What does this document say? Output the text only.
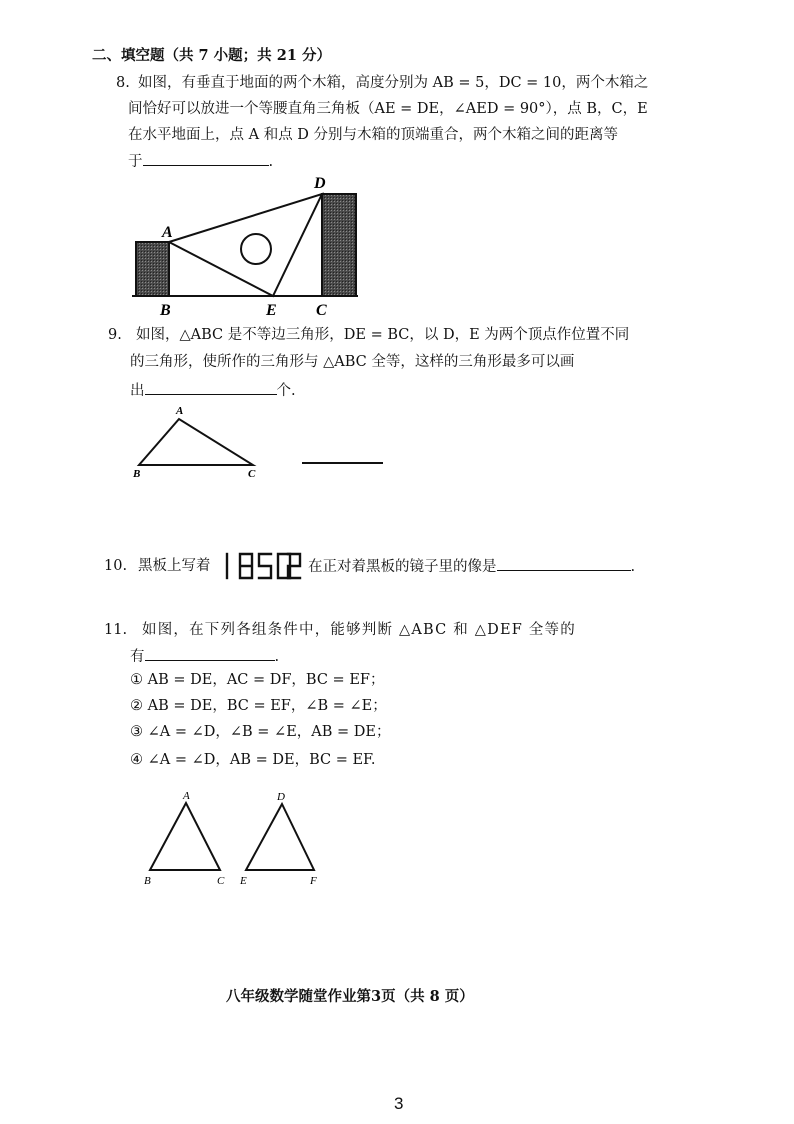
二、填空题（共 7 小题；共 21 分）
8. 如图，有垂直于地面的两个木箱，高度分别为 AB = 5，DC = 10，两个木箱之
间恰好可以放进一个等腰直角三角板（AE = DE，∠AED = 90°），点 B，C，E
在水平地面上，点 A 和点 D 分别与木箱的顶端重合，两个木箱之间的距离等
于	.
A
B	C
D
E
9. 如图，△ABC 是不等边三角形，DE = BC，以 D，E 为两个顶点作位置不同
的三角形，使所作的三角形与 △ABC 全等，这样的三角形最多可以画
出	个.
A
B	C
10. 黑板上写着	在正对着黑板的镜子里的像是	.
11. 如图，在下列各组条件中，能够判断 △ABC 和 △DEF 全等的
有	.
① AB = DE，AC = DF，BC = EF；
② AB = DE，BC = EF，∠B = ∠E；
③ ∠A = ∠D，∠B = ∠E，AB = DE；
④ ∠A = ∠D，AB = DE，BC = EF.
A
B	C
D
E	F
八年级数学随堂作业第3页（共 8 页）
3
